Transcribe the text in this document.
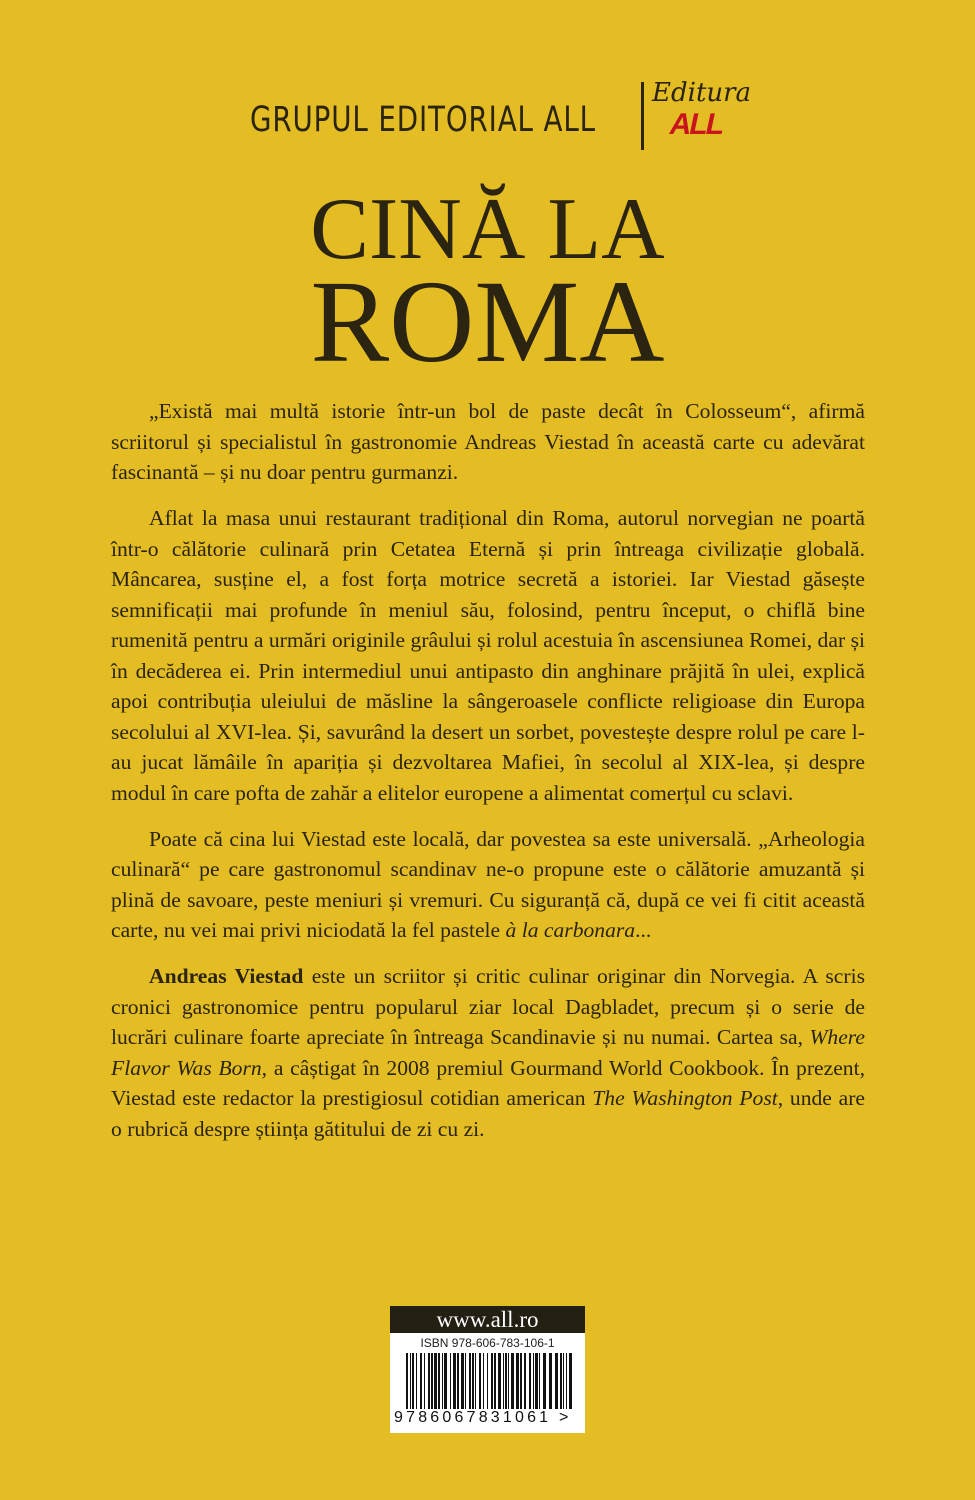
GRUPUL EDITORIAL ALL
Editura
ALL
CINĂ LA
ROMA

„Există mai multă istorie într-un bol de paste decât în Colosseum“, afirmă scriitorul și specialistul în gastronomie Andreas Viestad în această carte cu adevărat fascinantă – și nu doar pentru gurmanzi.

Aflat la masa unui restaurant tradițional din Roma, autorul norvegian ne poartă într-o călătorie culinară prin Cetatea Eternă și prin întreaga civilizație globală. Mâncarea, susține el, a fost forța motrice secretă a istoriei. Iar Viestad găsește semnificații mai profunde în meniul său, folosind, pentru început, o chiflă bine rumenită pentru a urmări originile grâului și rolul acestuia în ascensiunea Romei, dar și în decăderea ei. Prin intermediul unui antipasto din anghinare prăjită în ulei, explică apoi contribuția uleiului de măsline la sângeroasele conflicte religioase din Europa secolului al XVI-lea. Și, savurând la desert un sorbet, povestește despre rolul pe care l-au jucat lămâile în apariția și dezvoltarea Mafiei, în secolul al XIX-lea, și despre modul în care pofta de zahăr a elitelor europene a alimentat comerțul cu sclavi.

Poate că cina lui Viestad este locală, dar povestea sa este universală. „Arheologia culinară“ pe care gastronomul scandinav ne-o propune este o călătorie amuzantă și plină de savoare, peste meniuri și vremuri. Cu siguranță că, după ce vei fi citit această carte, nu vei mai privi niciodată la fel pastele à la carbonara...

Andreas Viestad este un scriitor și critic culinar originar din Norvegia. A scris cronici gastronomice pentru popularul ziar local Dagbladet, precum și o serie de lucrări culinare foarte apreciate în întreaga Scandinavie și nu numai. Cartea sa, Where Flavor Was Born, a câștigat în 2008 premiul Gourmand World Cookbook. În prezent, Viestad este redactor la prestigiosul cotidian american The Washington Post, unde are o rubrică despre știința gătitului de zi cu zi.

www.all.ro
ISBN 978-606-783-106-1
9786067831061 >
